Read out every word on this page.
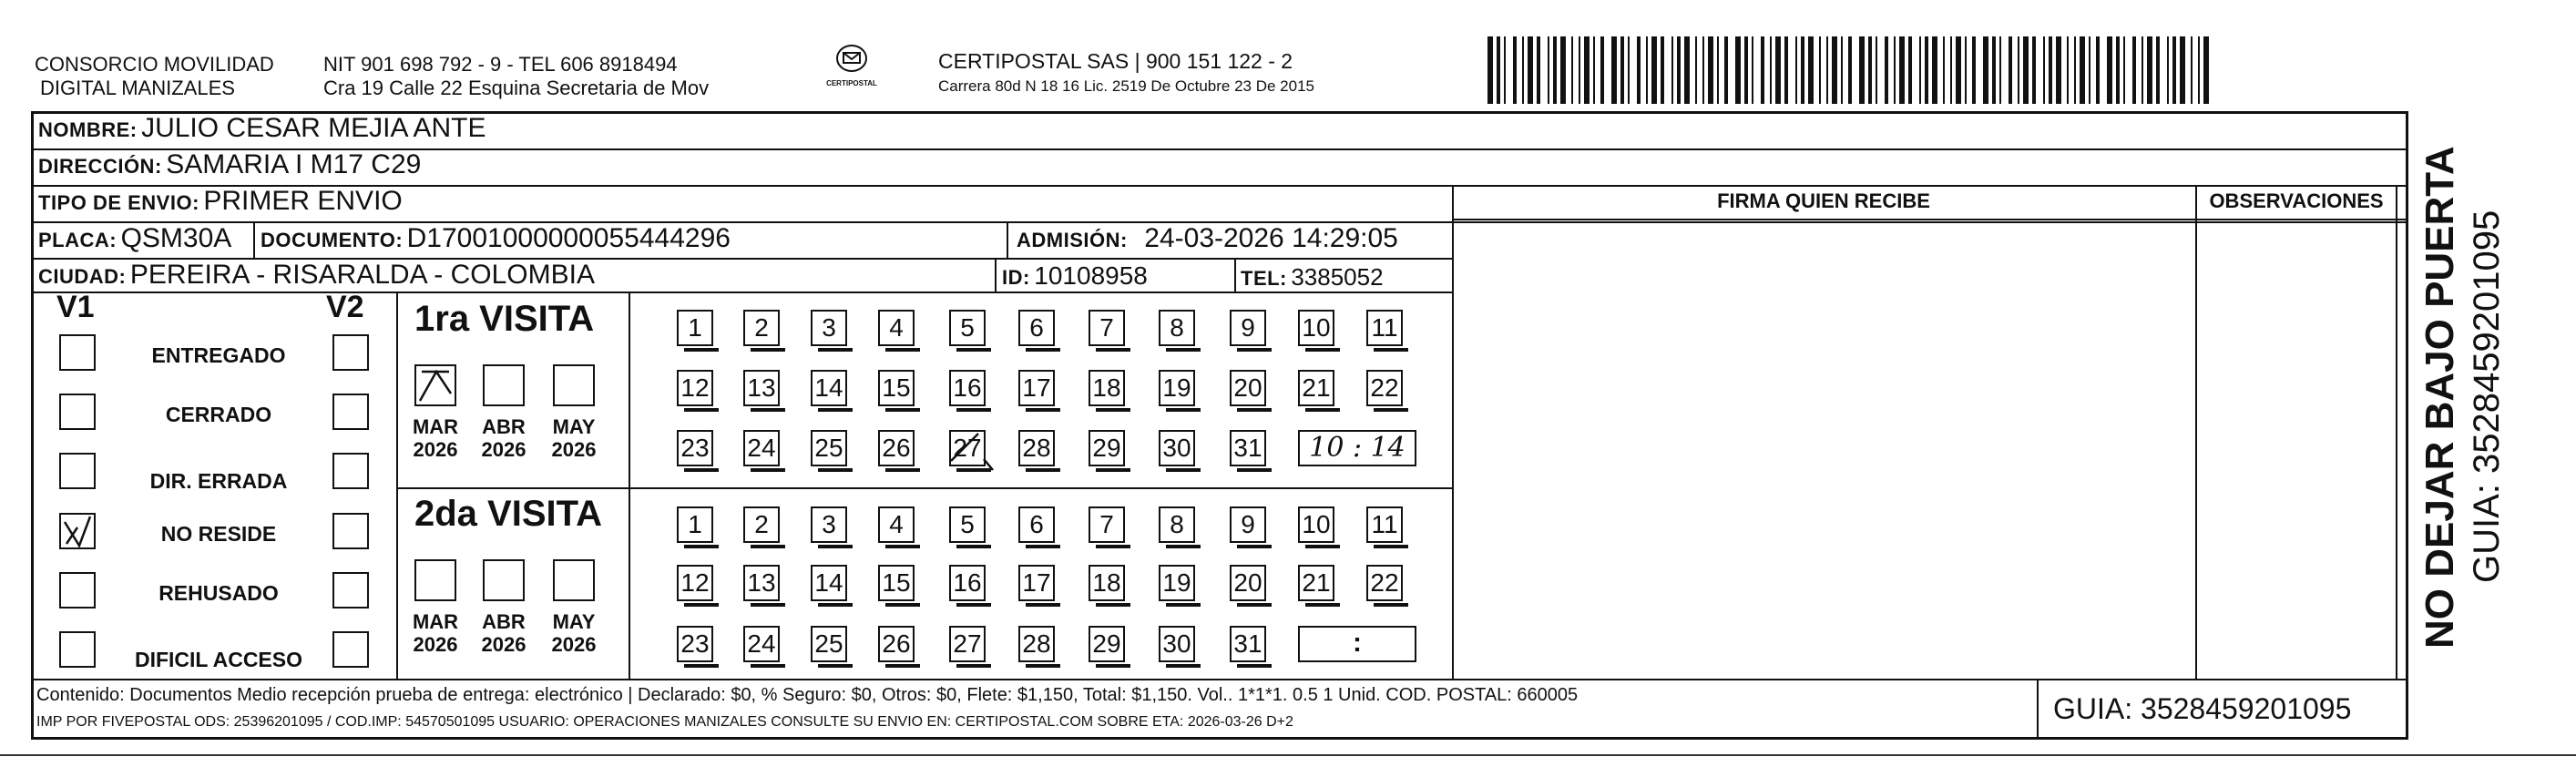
CONSORCIO MOVILIDAD
DIGITAL MANIZALES
NIT 901 698 792 - 9 - TEL 606 8918494
Cra 19 Calle 22 Esquina Secretaria de Mov	CERTIPOSTAL
CERTIPOSTAL SAS | 900 151 122 - 2
Carrera 80d N 18 16 Lic. 2519 De Octubre 23 De 2015
NOMBRE: JULIO CESAR MEJIA ANTE
DIRECCIÓN: SAMARIA I M17 C29
TIPO DE ENVIO: PRIMER ENVIO
PLACA: QSM30A DOCUMENTO: D17001000000055444296	ADMISIÓN: 24-03-2026 14:29:05
CIUDAD: PEREIRA - RISARALDA - COLOMBIA	ID: 10108958	TEL: 3385052
FIRMA QUIEN RECIBE	OBSERVACIONES
V1	V2
ENTREGADO
CERRADO
DIR. ERRADA
NO RESIDE
REHUSADO
DIFICIL ACCESO
1ra VISITA
2da VISITA
MAR
2026
ABR
2026
MAY
2026
MAR
2026
ABR
2026
MAY
2026
1	2	3	4	5	6	7	8	9	10 11
12 13 14 15 16 17 18 19 20 21 22
23 24 25 26 27 28 29 30 31
1	2	3	4	5	6	7	8	9	10 11
12 13 14 15 16 17 18 19 20 21 22
23 24 25 26 27 28 29 30 31
10 : 14
:
Contenido: Documentos Medio recepción prueba de entrega: electrónico | Declarado: $0, % Seguro: $0, Otros: $0, Flete: $1,150, Total: $1,150. Vol.. 1*1*1. 0.5 1 Unid. COD. POSTAL: 660005
IMP POR FIVEPOSTAL ODS: 25396201095 / COD.IMP: 54570501095 USUARIO: OPERACIONES MANIZALES CONSULTE SU ENVIO EN: CERTIPOSTAL.COM SOBRE ETA: 2026-03-26 D+2	GUIA: 3528459201095
NO DEJAR BAJO PUERTA GUIA: 3528459201095
